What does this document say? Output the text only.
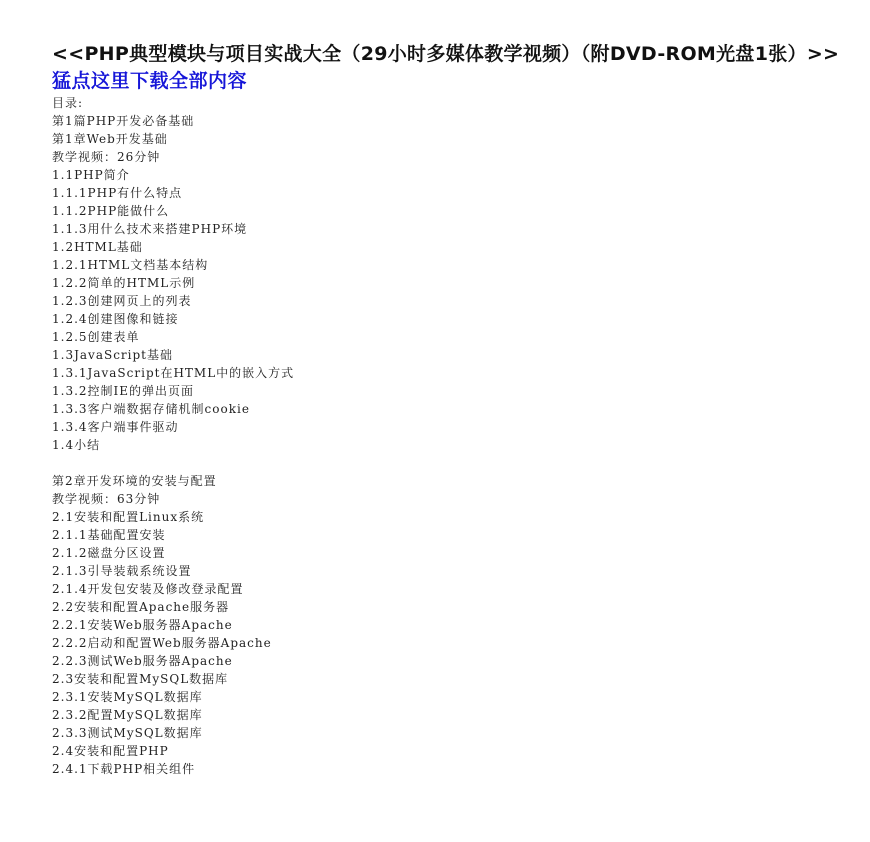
<<PHP典型模块与项目实战大全（29小时多媒体教学视频）（附DVD-ROM光盘1张）>>
猛点这里下载全部内容
目录:
第1篇PHP开发必备基础
第1章Web开发基础
教学视频：26分钟
1.1PHP简介
1.1.1PHP有什么特点
1.1.2PHP能做什么
1.1.3用什么技术来搭建PHP环境
1.2HTML基础
1.2.1HTML文档基本结构
1.2.2简单的HTML示例
1.2.3创建网页上的列表
1.2.4创建图像和链接
1.2.5创建表单
1.3JavaScript基础
1.3.1JavaScript在HTML中的嵌入方式
1.3.2控制IE的弹出页面
1.3.3客户端数据存储机制cookie
1.3.4客户端事件驱动
1.4小结
第2章开发环境的安装与配置
教学视频：63分钟
2.1安装和配置Linux系统
2.1.1基础配置安装
2.1.2磁盘分区设置
2.1.3引导装载系统设置
2.1.4开发包安装及修改登录配置
2.2安装和配置Apache服务器
2.2.1安装Web服务器Apache
2.2.2启动和配置Web服务器Apache
2.2.3测试Web服务器Apache
2.3安装和配置MySQL数据库
2.3.1安装MySQL数据库
2.3.2配置MySQL数据库
2.3.3测试MySQL数据库
2.4安装和配置PHP
2.4.1下载PHP相关组件
